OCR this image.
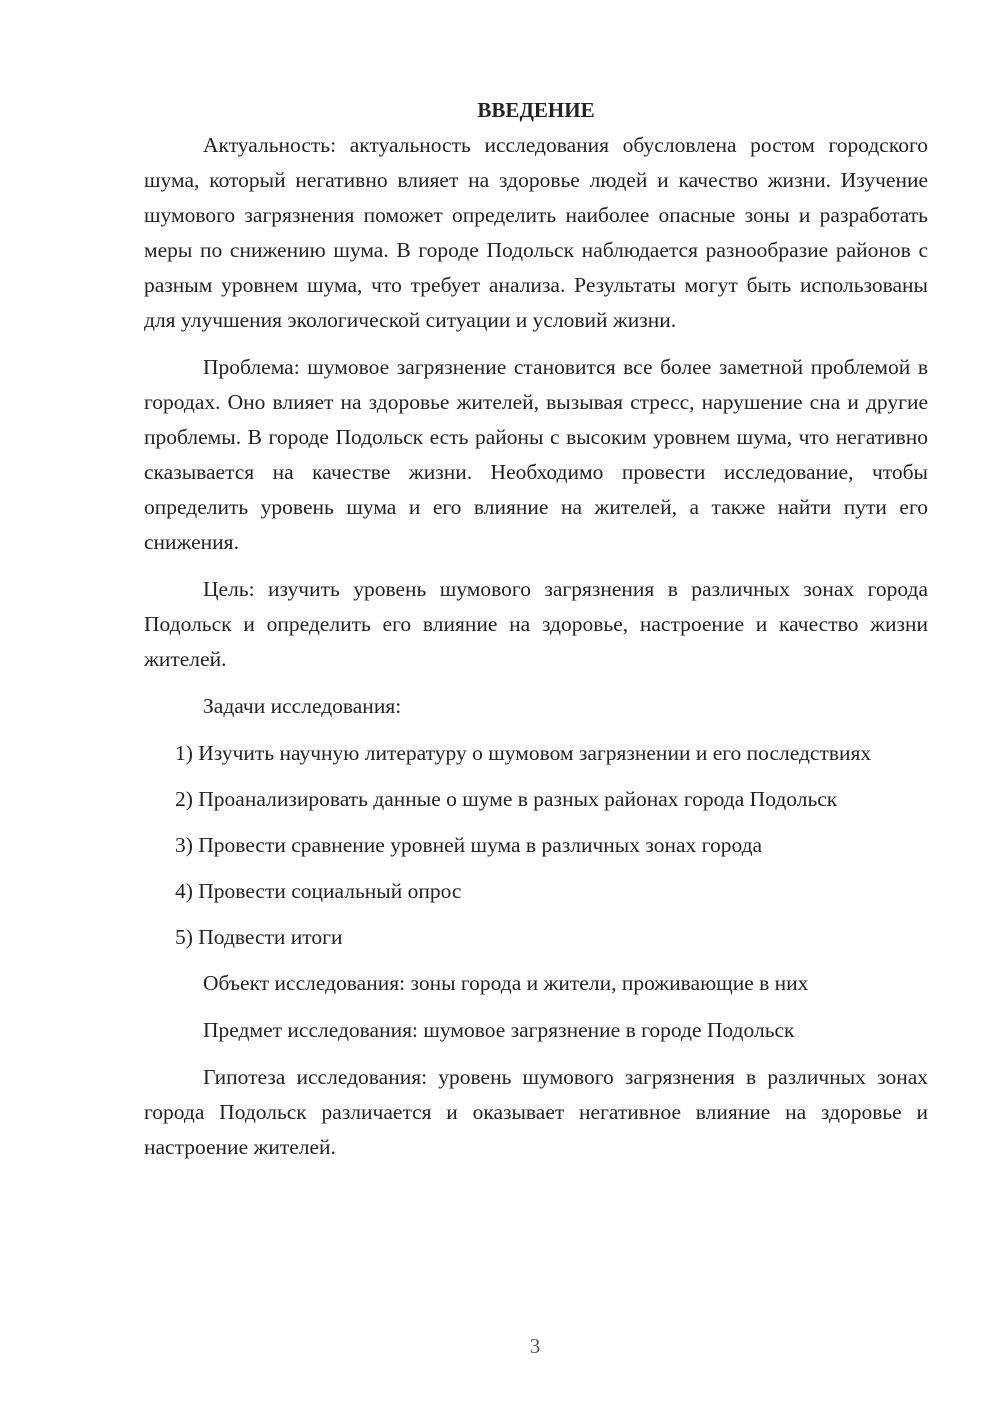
ВВЕДЕНИЕ

Актуальность: актуальность исследования обусловлена ростом городского шума, который негативно влияет на здоровье людей и качество жизни. Изучение шумового загрязнения поможет определить наиболее опасные зоны и разработать меры по снижению шума. В городе Подольск наблюдается разнообразие районов с разным уровнем шума, что требует анализа. Результаты могут быть использованы для улучшения экологической ситуации и условий жизни.

Проблема: шумовое загрязнение становится все более заметной проблемой в городах. Оно влияет на здоровье жителей, вызывая стресс, нарушение сна и другие проблемы. В городе Подольск есть районы с высоким уровнем шума, что негативно сказывается на качестве жизни. Необходимо провести исследование, чтобы определить уровень шума и его влияние на жителей, а также найти пути его снижения.

Цель: изучить уровень шумового загрязнения в различных зонах города Подольск и определить его влияние на здоровье, настроение и качество жизни жителей.

Задачи исследования:

1) Изучить научную литературу о шумовом загрязнении и его последствиях

2) Проанализировать данные о шуме в разных районах города Подольск

3) Провести сравнение уровней шума в различных зонах города

4) Провести социальный опрос

5) Подвести итоги

Объект исследования: зоны города и жители, проживающие в них

Предмет исследования: шумовое загрязнение в городе Подольск

Гипотеза исследования: уровень шумового загрязнения в различных зонах города Подольск различается и оказывает негативное влияние на здоровье и настроение жителей.

3
